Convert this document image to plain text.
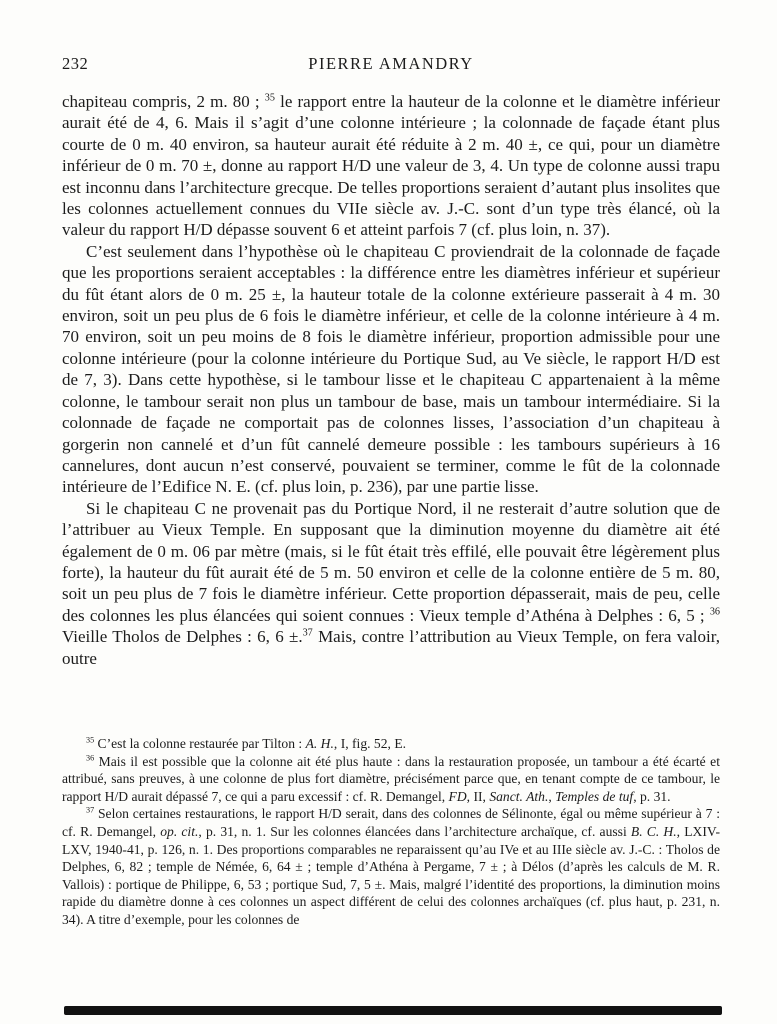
232	PIERRE AMANDRY

chapiteau compris, 2 m. 80 ; $^{35}$ le rapport entre la hauteur de la colonne et le diamètre inférieur aurait été de 4, 6. Mais il s’agit d’une colonne intérieure ; la colonnade de façade étant plus courte de 0 m. 40 environ, sa hauteur aurait été réduite à 2 m. 40 ±, ce qui, pour un diamètre inférieur de 0 m. 70 ±, donne au rapport H/D une valeur de 3, 4. Un type de colonne aussi trapu est inconnu dans l’architecture grecque. De telles proportions seraient d’autant plus insolites que les colonnes actuellement connues du VIIe siècle av. J.-C. sont d’un type très élancé, où la valeur du rapport H/D dépasse souvent 6 et atteint parfois 7 (cf. plus loin, n. 37).

C’est seulement dans l’hypothèse où le chapiteau C proviendrait de la colonnade de façade que les proportions seraient acceptables : la différence entre les diamètres inférieur et supérieur du fût étant alors de 0 m. 25 ±, la hauteur totale de la colonne extérieure passerait à 4 m. 30 environ, soit un peu plus de 6 fois le diamètre inférieur, et celle de la colonne intérieure à 4 m. 70 environ, soit un peu moins de 8 fois le diamètre inférieur, proportion admissible pour une colonne intérieure (pour la colonne intérieure du Portique Sud, au Ve siècle, le rapport H/D est de 7, 3). Dans cette hypothèse, si le tambour lisse et le chapiteau C appartenaient à la même colonne, le tambour serait non plus un tambour de base, mais un tambour intermédiaire. Si la colonnade de façade ne comportait pas de colonnes lisses, l’association d’un chapiteau à gorgerin non cannelé et d’un fût cannelé demeure possible : les tambours supérieurs à 16 cannelures, dont aucun n’est conservé, pouvaient se terminer, comme le fût de la colonnade intérieure de l’Edifice N. E. (cf. plus loin, p. 236), par une partie lisse.

Si le chapiteau C ne provenait pas du Portique Nord, il ne resterait d’autre solution que de l’attribuer au Vieux Temple. En supposant que la diminution moyenne du diamètre ait été également de 0 m. 06 par mètre (mais, si le fût était très effilé, elle pouvait être légèrement plus forte), la hauteur du fût aurait été de 5 m. 50 environ et celle de la colonne entière de 5 m. 80, soit un peu plus de 7 fois le diamètre inférieur. Cette proportion dépasserait, mais de peu, celle des colonnes les plus élancées qui soient connues : Vieux temple d’Athéna à Delphes : 6, 5 ; $^{36}$ Vieille Tholos de Delphes : 6, 6 ±.$^{37}$ Mais, contre l’attribution au Vieux Temple, on fera valoir, outre

$^{35}$ C’est la colonne restaurée par Tilton : A. H., I, fig. 52, E.

$^{36}$ Mais il est possible que la colonne ait été plus haute : dans la restauration proposée, un tambour a été écarté et attribué, sans preuves, à une colonne de plus fort diamètre, précisément parce que, en tenant compte de ce tambour, le rapport H/D aurait dépassé 7, ce qui a paru excessif : cf. R. Demangel, FD, II, Sanct. Ath., Temples de tuf, p. 31.

$^{37}$ Selon certaines restaurations, le rapport H/D serait, dans des colonnes de Sélinonte, égal ou même supérieur à 7 : cf. R. Demangel, op. cit., p. 31, n. 1. Sur les colonnes élancées dans l’architecture archaïque, cf. aussi B. C. H., LXIV-LXV, 1940-41, p. 126, n. 1. Des proportions comparables ne reparaissent qu’au IVe et au IIIe siècle av. J.-C. : Tholos de Delphes, 6, 82 ; temple de Némée, 6, 64 ± ; temple d’Athéna à Pergame, 7 ± ; à Délos (d’après les calculs de M. R. Vallois) : portique de Philippe, 6, 53 ; portique Sud, 7, 5 ±. Mais, malgré l’identité des proportions, la diminution moins rapide du diamètre donne à ces colonnes un aspect différent de celui des colonnes archaïques (cf. plus haut, p. 231, n. 34). A titre d’exemple, pour les colonnes de
